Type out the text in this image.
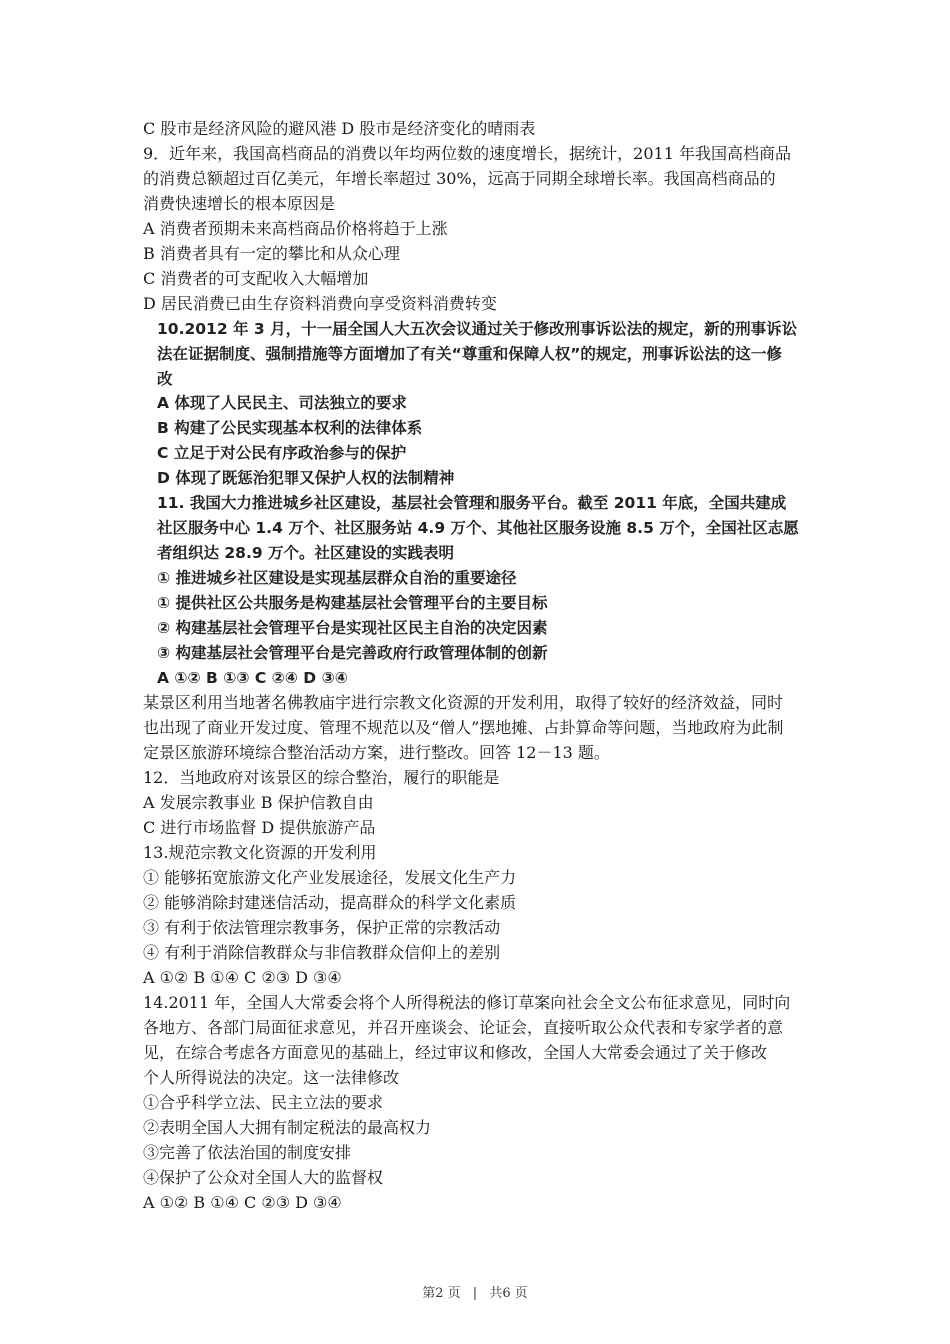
C 股市是经济风险的避风港 D 股市是经济变化的晴雨表
9．近年来，我国高档商品的消费以年均两位数的速度增长，据统计，2011 年我国高档商品
的消费总额超过百亿美元，年增长率超过 30%，远高于同期全球增长率。我国高档商品的
消费快速增长的根本原因是
A 消费者预期未来高档商品价格将趋于上涨
B 消费者具有一定的攀比和从众心理
C 消费者的可支配收入大幅增加
D 居民消费已由生存资料消费向享受资料消费转变
10.2012 年 3 月，十一届全国人大五次会议通过关于修改刑事诉讼法的规定，新的刑事诉讼
法在证据制度、强制措施等方面增加了有关“尊重和保障人权”的规定，刑事诉讼法的这一修
改
A 体现了人民民主、司法独立的要求
B 构建了公民实现基本权利的法律体系
C 立足于对公民有序政治参与的保护
D 体现了既惩治犯罪又保护人权的法制精神
11. 我国大力推进城乡社区建设，基层社会管理和服务平台。截至 2011 年底，全国共建成
社区服务中心 1.4 万个、社区服务站 4.9 万个、其他社区服务设施 8.5 万个，全国社区志愿
者组织达 28.9 万个。社区建设的实践表明
① 推进城乡社区建设是实现基层群众自治的重要途径
① 提供社区公共服务是构建基层社会管理平台的主要目标
② 构建基层社会管理平台是实现社区民主自治的决定因素
③ 构建基层社会管理平台是完善政府行政管理体制的创新
A ①② B ①③ C ②④ D ③④
某景区利用当地著名佛教庙宇进行宗教文化资源的开发利用，取得了较好的经济效益，同时
也出现了商业开发过度、管理不规范以及“僧人”摆地摊、占卦算命等问题，当地政府为此制
定景区旅游环境综合整治活动方案，进行整改。回答 12－13 题。
12．当地政府对该景区的综合整治，履行的职能是
A 发展宗教事业 B 保护信教自由
C 进行市场监督 D 提供旅游产品
13.规范宗教文化资源的开发利用
① 能够拓宽旅游文化产业发展途径，发展文化生产力
② 能够消除封建迷信活动，提高群众的科学文化素质
③ 有利于依法管理宗教事务，保护正常的宗教活动
④ 有利于消除信教群众与非信教群众信仰上的差别
A ①② B ①④ C ②③ D ③④
14.2011 年，全国人大常委会将个人所得税法的修订草案向社会全文公布征求意见，同时向
各地方、各部门局面征求意见，并召开座谈会、论证会，直接听取公众代表和专家学者的意
见，在综合考虑各方面意见的基础上，经过审议和修改，全国人大常委会通过了关于修改
个人所得说法的决定。这一法律修改
①合乎科学立法、民主立法的要求
②表明全国人大拥有制定税法的最高权力
③完善了依法治国的制度安排
④保护了公众对全国人大的监督权
A ①② B ①④ C ②③ D ③④
第2 页 | 共6 页
